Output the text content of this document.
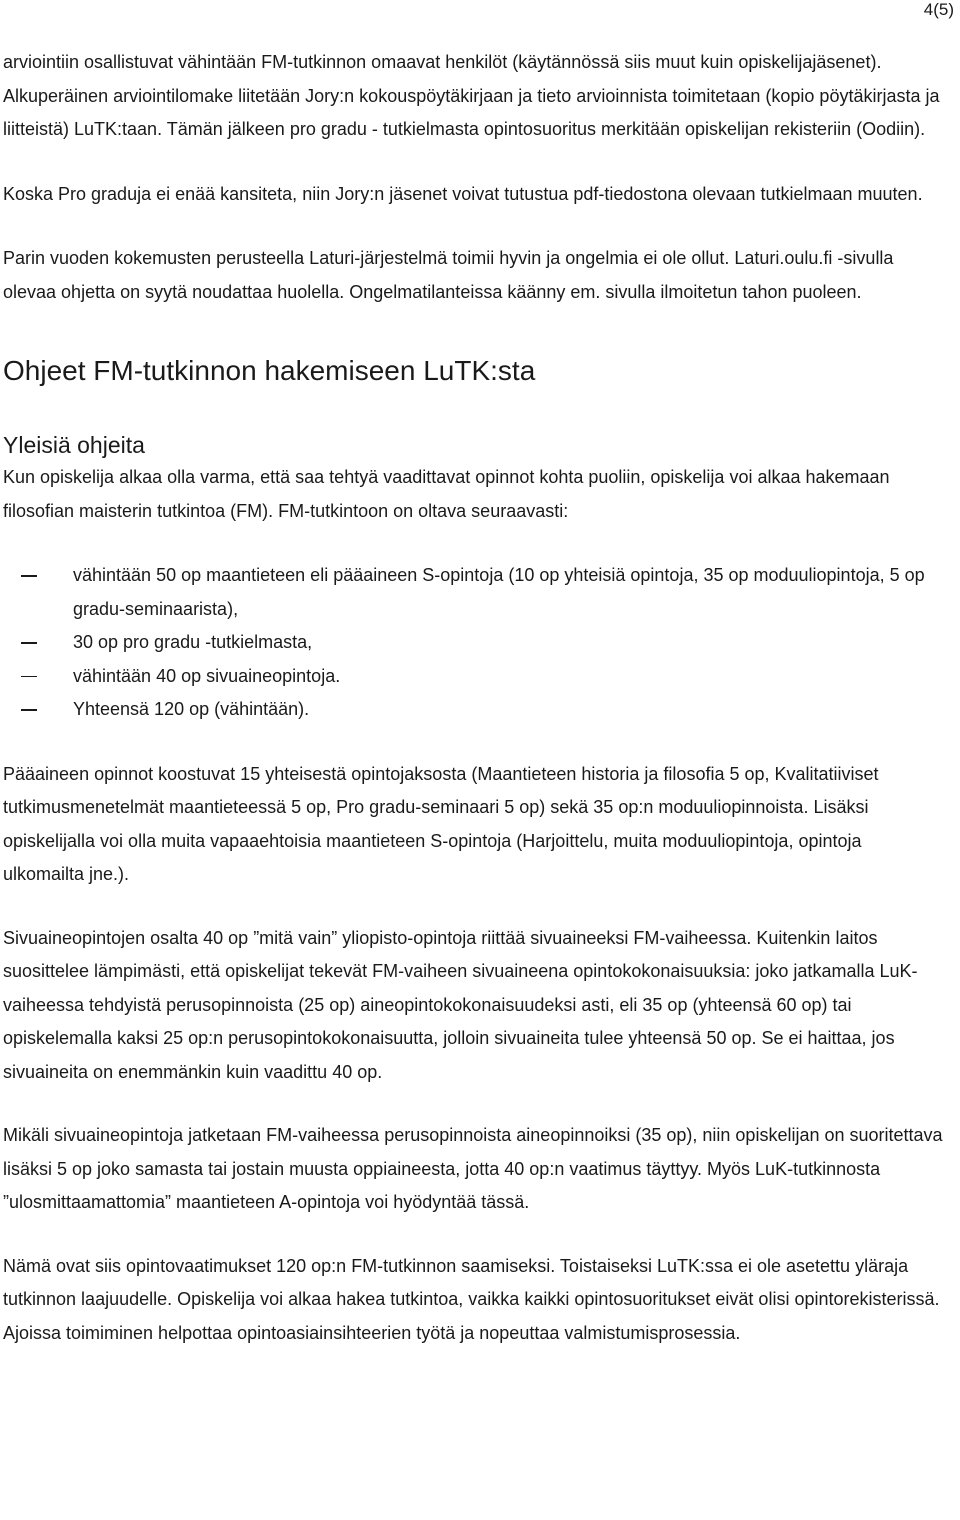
4(5)

arviointiin osallistuvat vähintään FM-tutkinnon omaavat henkilöt (käytännössä siis muut kuin opiskelijajäsenet). Alkuperäinen arviointilomake liitetään Jory:n kokouspöytäkirjaan ja tieto arvioinnista toimitetaan (kopio pöytäkirjasta ja liitteistä) LuTK:taan. Tämän jälkeen pro gradu - tutkielmasta opintosuoritus merkitään opiskelijan rekisteriin (Oodiin).

Koska Pro graduja ei enää kansiteta, niin Jory:n jäsenet voivat tutustua pdf-tiedostona olevaan tutkielmaan muuten.

Parin vuoden kokemusten perusteella Laturi-järjestelmä toimii hyvin ja ongelmia ei ole ollut. Laturi.oulu.fi -sivulla olevaa ohjetta on syytä noudattaa huolella. Ongelmatilanteissa käänny em. sivulla ilmoitetun tahon puoleen.

Ohjeet FM-tutkinnon hakemiseen LuTK:sta
Yleisiä ohjeita

Kun opiskelija alkaa olla varma, että saa tehtyä vaadittavat opinnot kohta puoliin, opiskelija voi alkaa hakemaan filosofian maisterin tutkintoa (FM). FM-tutkintoon on oltava seuraavasti:

vähintään 50 op maantieteen eli pääaineen S-opintoja (10 op yhteisiä opintoja, 35 op moduuliopintoja, 5 op gradu-seminaarista),
30 op pro gradu -tutkielmasta,
vähintään 40 op sivuaineopintoja.
Yhteensä 120 op (vähintään).

Pääaineen opinnot koostuvat 15 yhteisestä opintojaksosta (Maantieteen historia ja filosofia 5 op, Kvalitatiiviset tutkimusmenetelmät maantieteessä 5 op, Pro gradu-seminaari 5 op) sekä 35 op:n moduuliopinnoista. Lisäksi opiskelijalla voi olla muita vapaaehtoisia maantieteen S-opintoja (Harjoittelu, muita moduuliopintoja, opintoja ulkomailta jne.).

Sivuaineopintojen osalta 40 op ”mitä vain” yliopisto-opintoja riittää sivuaineeksi FM-vaiheessa. Kuitenkin laitos suosittelee lämpimästi, että opiskelijat tekevät FM-vaiheen sivuaineena opintokokonaisuuksia: joko jatkamalla LuK-vaiheessa tehdyistä perusopinnoista (25 op) aineopintokokonaisuudeksi asti, eli 35 op (yhteensä 60 op) tai opiskelemalla kaksi 25 op:n perusopintokokonaisuutta, jolloin sivuaineita tulee yhteensä 50 op. Se ei haittaa, jos sivuaineita on enemmänkin kuin vaadittu 40 op.

Mikäli sivuaineopintoja jatketaan FM-vaiheessa perusopinnoista aineopinnoiksi (35 op), niin opiskelijan on suoritettava lisäksi 5 op joko samasta tai jostain muusta oppiaineesta, jotta 40 op:n vaatimus täyttyy. Myös LuK-tutkinnosta ”ulosmittaamattomia” maantieteen A-opintoja voi hyödyntää tässä.

Nämä ovat siis opintovaatimukset 120 op:n FM-tutkinnon saamiseksi. Toistaiseksi LuTK:ssa ei ole asetettu yläraja tutkinnon laajuudelle. Opiskelija voi alkaa hakea tutkintoa, vaikka kaikki opintosuoritukset eivät olisi opintorekisterissä. Ajoissa toimiminen helpottaa opintoasiainsihteerien työtä ja nopeuttaa valmistumisprosessia.
